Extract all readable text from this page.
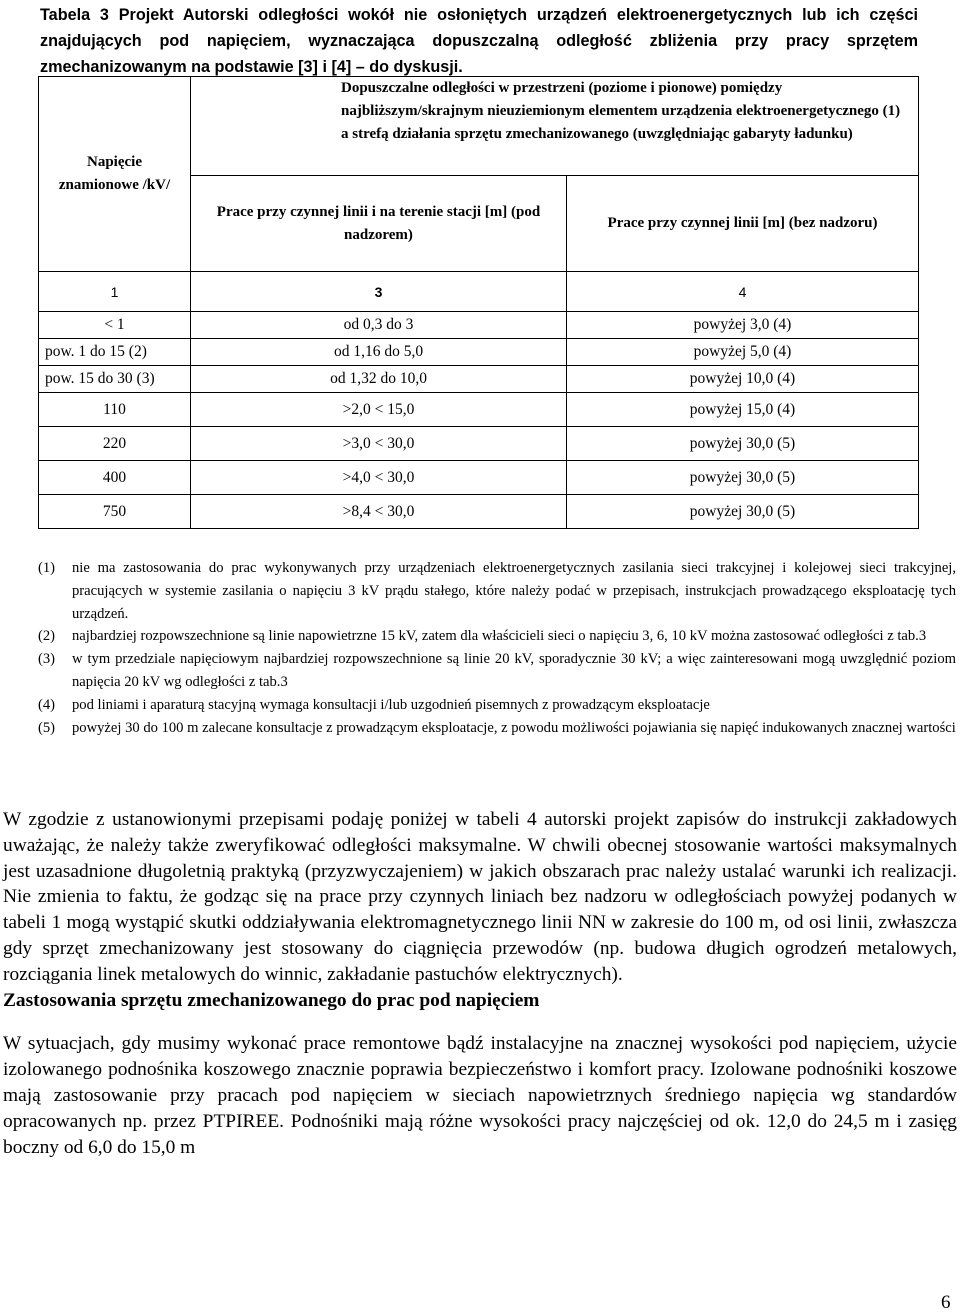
Tabela 3 Projekt Autorski odległości wokół nie osłoniętych urządzeń elektroenergetycznych lub ich części znajdujących pod napięciem, wyznaczająca dopuszczalną odległość zbliżenia przy pracy sprzętem zmechanizowanym na podstawie [3] i [4] – do dyskusji.
Napięcie znamionowe /kV/	Dopuszczalne odległości w przestrzeni (poziome i pionowe) pomiędzy najbliższym/skrajnym nieuziemionym elementem urządzenia elektroenergetycznego (1) a strefą działania sprzętu zmechanizowanego (uwzględniając gabaryty ładunku)	
	Prace przy czynnej linii i na terenie stacji [m] (pod nadzorem)	Prace przy czynnej linii [m] (bez nadzoru)
1	3	4
< 1	od 0,3 do 3	powyżej 3,0 (4)
pow. 1 do 15 (2)	od 1,16 do 5,0	powyżej 5,0 (4)
pow. 15 do 30 (3)	od 1,32 do 10,0	powyżej 10,0 (4)
110	>2,0 < 15,0	powyżej 15,0 (4)
220	>3,0 < 30,0	powyżej 30,0 (5)
400	>4,0 < 30,0	powyżej 30,0 (5)
750	>8,4 < 30,0	powyżej 30,0 (5)
(1)	nie ma zastosowania do prac wykonywanych przy urządzeniach elektroenergetycznych zasilania sieci trakcyjnej i kolejowej sieci trakcyjnej, pracujących w systemie zasilania o napięciu 3 kV prądu stałego, które należy podać w przepisach, instrukcjach prowadzącego eksploatację tych urządzeń.
(2)	najbardziej rozpowszechnione są linie napowietrzne 15 kV, zatem dla właścicieli sieci o napięciu 3, 6, 10 kV można zastosować odległości z tab.3
(3)	w tym przedziale napięciowym najbardziej rozpowszechnione są linie 20 kV, sporadycznie 30 kV; a więc zainteresowani mogą uwzględnić poziom napięcia 20 kV wg odległości z tab.3
(4)	pod liniami i aparaturą stacyjną wymaga konsultacji i/lub uzgodnień pisemnych z prowadzącym eksploatacje
(5)	powyżej 30 do 100 m zalecane konsultacje z prowadzącym eksploatacje, z powodu możliwości pojawiania się napięć indukowanych znacznej wartości

W zgodzie z ustanowionymi przepisami podaję poniżej w tabeli 4 autorski projekt zapisów do instrukcji zakładowych uważając, że należy także zweryfikować odległości maksymalne. W chwili obecnej stosowanie wartości maksymalnych jest uzasadnione długoletnią praktyką (przyzwyczajeniem) w jakich obszarach prac należy ustalać warunki ich realizacji. Nie zmienia to faktu, że godząc się na prace przy czynnych liniach bez nadzoru w odległościach powyżej podanych w tabeli 1 mogą wystąpić skutki oddziaływania elektromagnetycznego linii NN w zakresie do 100 m, od osi linii, zwłaszcza gdy sprzęt zmechanizowany jest stosowany do ciągnięcia przewodów (np. budowa długich ogrodzeń metalowych, rozciągania linek metalowych do winnic, zakładanie pastuchów elektrycznych).

Zastosowania sprzętu zmechanizowanego do prac pod napięciem

W sytuacjach, gdy musimy wykonać prace remontowe bądź instalacyjne na znacznej wysokości pod napięciem, użycie izolowanego podnośnika koszowego znacznie poprawia bezpieczeństwo i komfort pracy. Izolowane podnośniki koszowe mają zastosowanie przy pracach pod napięciem w sieciach napowietrznych średniego napięcia wg standardów opracowanych np. przez PTPIREE. Podnośniki mają różne wysokości pracy najczęściej od ok. 12,0 do 24,5 m i zasięg boczny od 6,0 do 15,0 m

6
